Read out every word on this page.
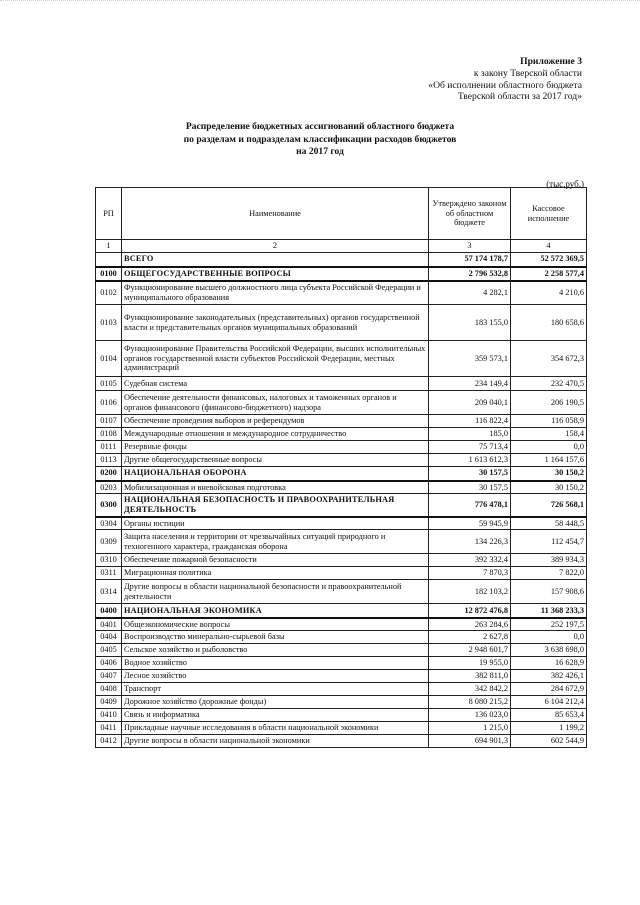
Приложение 3
к закону Тверской области
«Об исполнении областного бюджета
Тверской области за 2017 год»
Распределение бюджетных ассигнований областного бюджета
по разделам и подразделам классификации расходов бюджетов
на 2017 год
(тыс.руб.)
РП	Наименование	Утверждено законом об областном бюджете	Кассовое исполнение
1	2	3	4
	ВСЕГО	57 174 178,7	52 572 369,5
0100	ОБЩЕГОСУДАРСТВЕННЫЕ ВОПРОСЫ	2 796 532,8	2 258 577,4
0102	Функционирование высшего должностного лица субъекта Российской Федерации и муниципального образования	4 282,1	4 210,6
0103	Функционирование законодательных (представительных) органов государственной власти и представительных органов муниципальных образований	183 155,0	180 658,6
0104	Функционирование Правительства Российской Федерации, высших исполнительных органов государственной власти субъектов Российской Федерации, местных администраций	359 573,1	354 672,3
0105	Судебная система	234 149,4	232 470,5
0106	Обеспечение деятельности финансовых, налоговых и таможенных органов и органов финансового (финансово-бюджетного) надзора	209 040,1	206 190,5
0107	Обеспечение проведения выборов и референдумов	116 822,4	116 058,9
0108	Международные отношения и международное сотрудничество	185,0	158,4
0111	Резервные фонды	75 713,4	0,0
0113	Другие общегосударственные вопросы	1 613 612,3	1 164 157,6
0200	НАЦИОНАЛЬНАЯ ОБОРОНА	30 157,5	30 150,2
0203	Мобилизационная и вневойсковая подготовка	30 157,5	30 150,2
0300	НАЦИОНАЛЬНАЯ БЕЗОПАСНОСТЬ И ПРАВООХРАНИТЕЛЬНАЯ ДЕЯТЕЛЬНОСТЬ	776 478,1	726 568,1
0304	Органы юстиции	59 945,9	58 448,5
0309	Защита населения и территории от чрезвычайных ситуаций природного и техногенного характера, гражданская оборона	134 226,3	112 454,7
0310	Обеспечение пожарной безопасности	392 332,4	389 934,3
0311	Миграционная политика	7 870,3	7 822,0
0314	Другие вопросы в области национальной безопасности и правоохранительной деятельности	182 103,2	157 908,6
0400	НАЦИОНАЛЬНАЯ ЭКОНОМИКА	12 872 476,8	11 368 233,3
0401	Общеэкономические вопросы	263 284,6	252 197,5
0404	Воспроизводство минерально-сырьевой базы	2 627,8	0,0
0405	Сельское хозяйство и рыболовство	2 948 601,7	3 638 698,0
0406	Водное хозяйство	19 955,0	16 628,9
0407	Лесное хозяйство	382 811,0	382 426,1
0408	Транспорт	342 842,2	284 672,9
0409	Дорожное хозяйство (дорожные фонды)	8 080 215,2	6 104 212,4
0410	Связь и информатика	136 023,0	85 653,4
0411	Прикладные научные исследования в области национальной экономики	1 215,0	1 199,2
0412	Другие вопросы в области национальной экономики	694 901,3	602 544,9
